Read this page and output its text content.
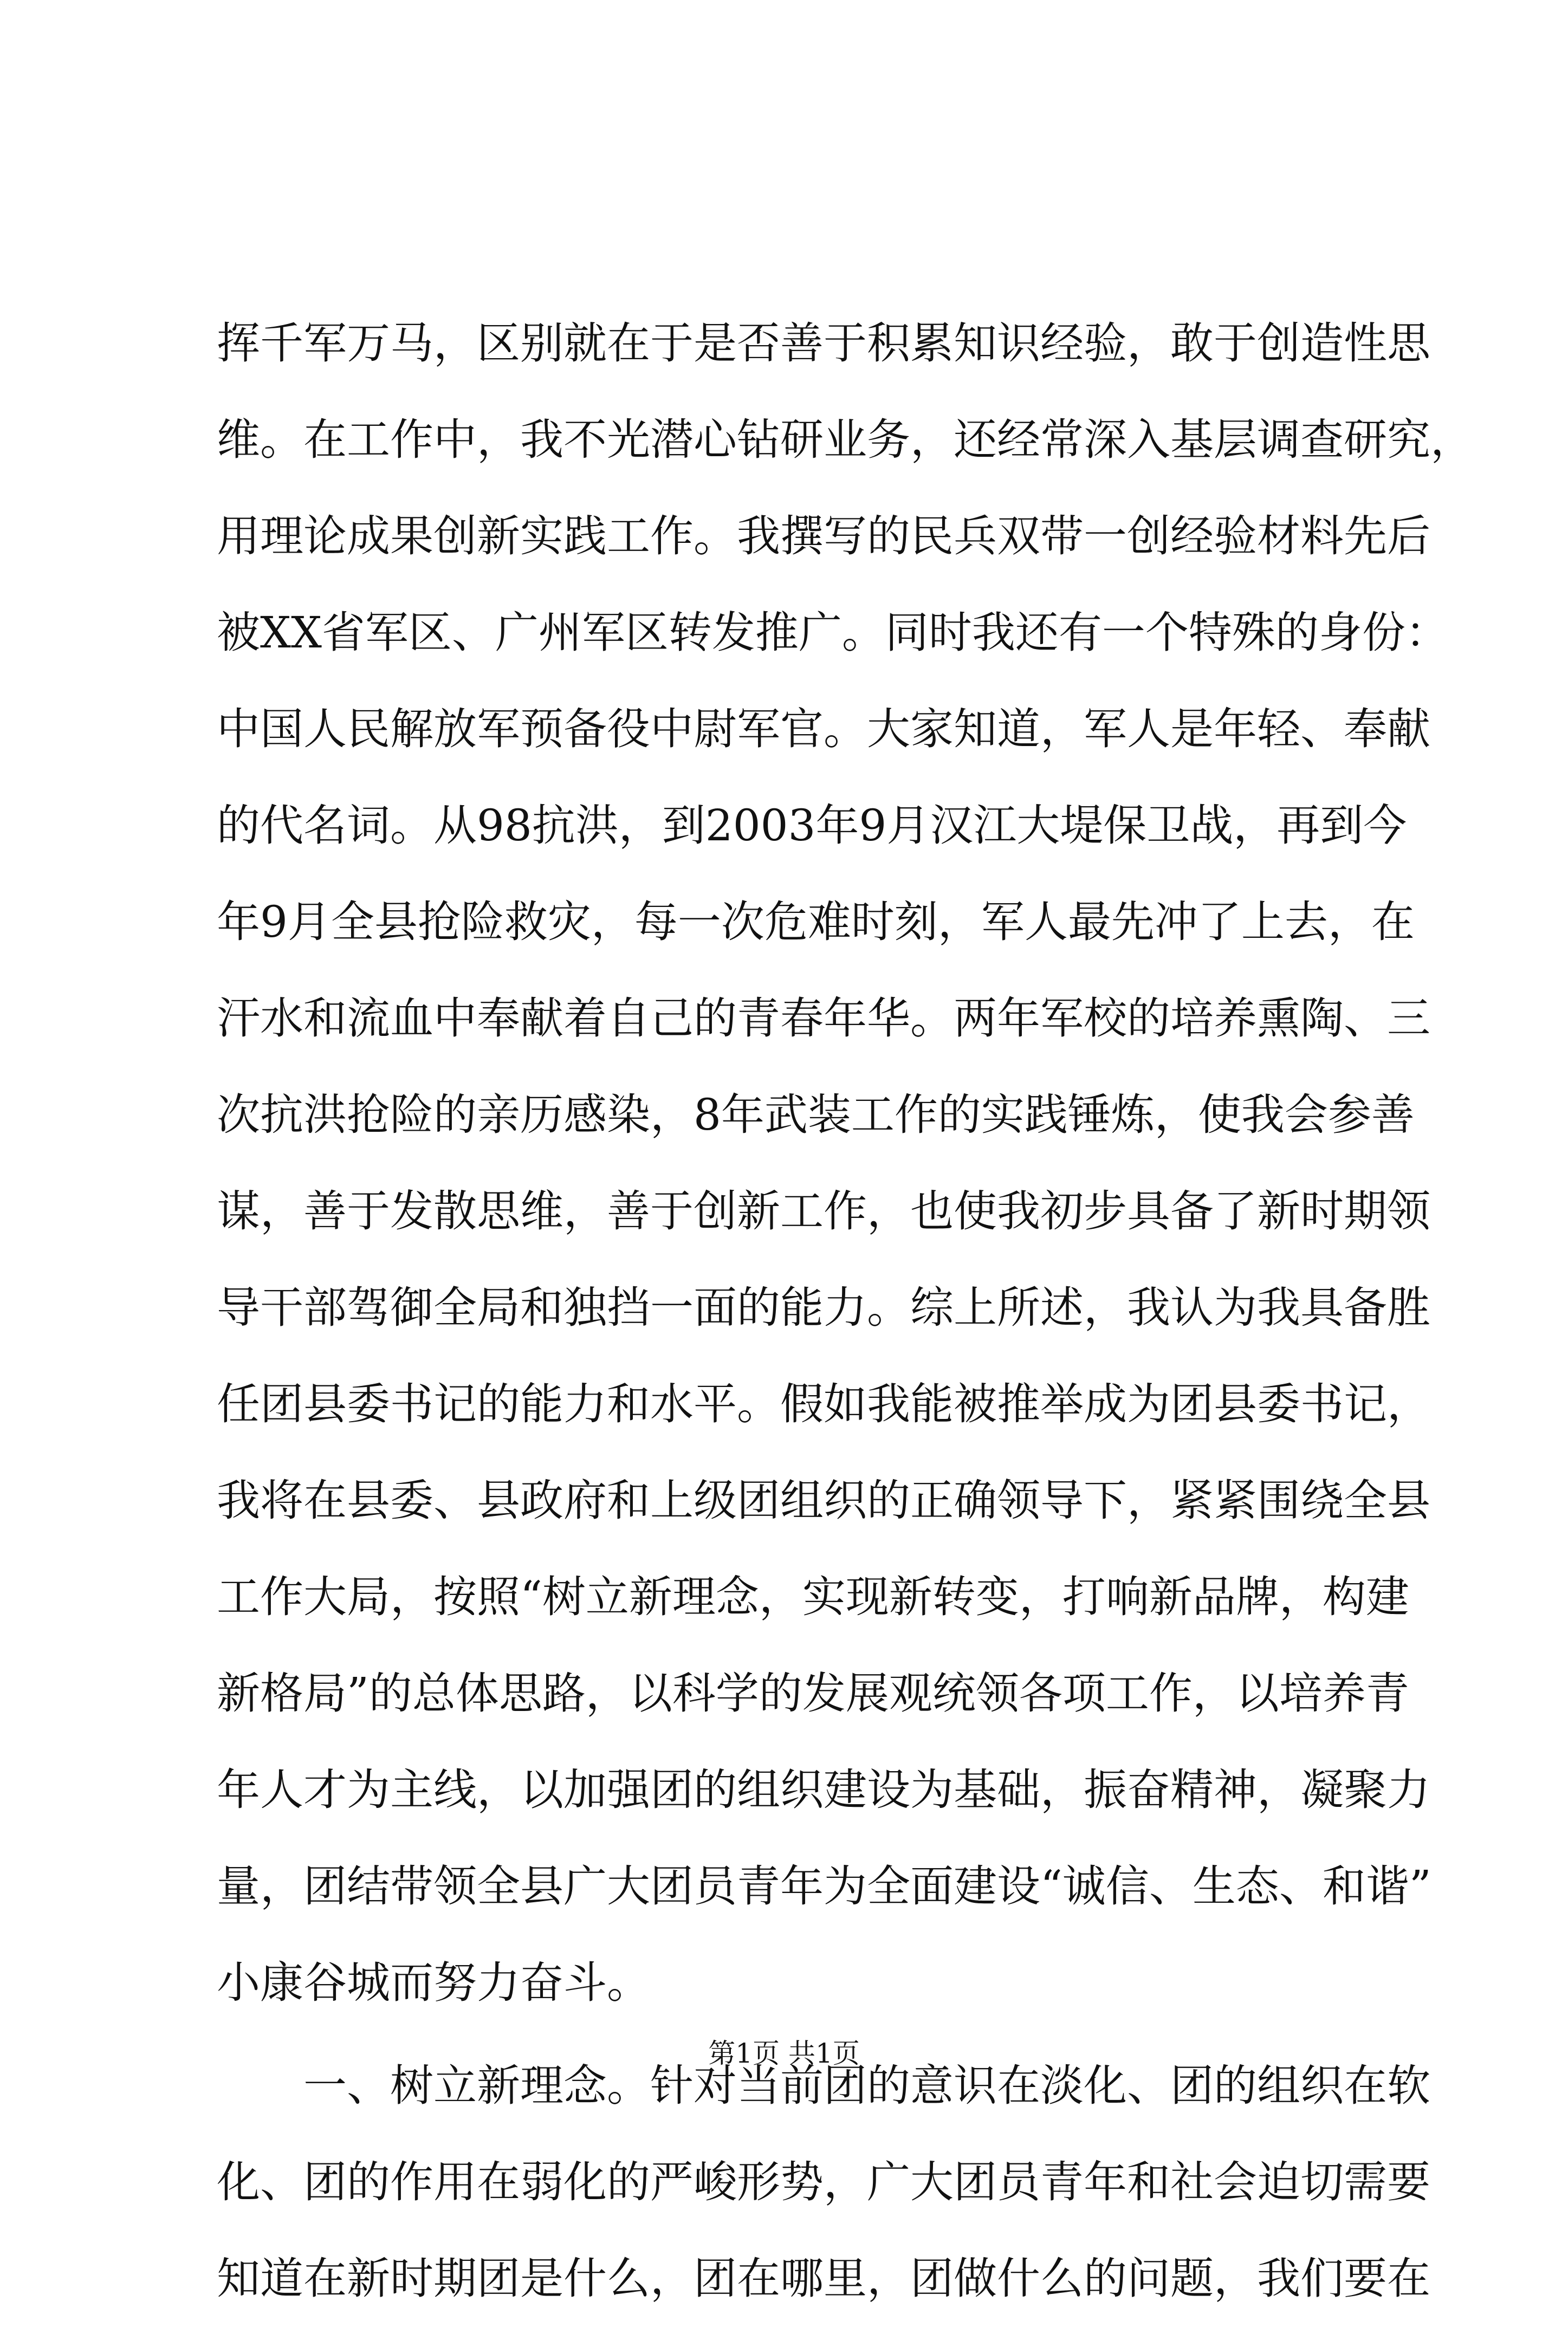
挥千军万马，区别就在于是否善于积累知识经验，敢于创造性思
维。在工作中，我不光潜心钻研业务，还经常深入基层调查研究，
用理论成果创新实践工作。我撰写的民兵双带一创经验材料先后
被XX省军区、广州军区转发推广。同时我还有一个特殊的身份：
中国人民解放军预备役中尉军官。大家知道，军人是年轻、奉献
的代名词。从98抗洪，到2003年9月汉江大堤保卫战，再到今
年9月全县抢险救灾，每一次危难时刻，军人最先冲了上去，在
汗水和流血中奉献着自己的青春年华。两年军校的培养熏陶、三
次抗洪抢险的亲历感染，8年武装工作的实践锤炼，使我会参善
谋，善于发散思维，善于创新工作，也使我初步具备了新时期领
导干部驾御全局和独挡一面的能力。综上所述，我认为我具备胜
任团县委书记的能力和水平。假如我能被推举成为团县委书记，
我将在县委、县政府和上级团组织的正确领导下，紧紧围绕全县
工作大局，按照“树立新理念，实现新转变，打响新品牌，构建
新格局”的总体思路，以科学的发展观统领各项工作，以培养青
年人才为主线，以加强团的组织建设为基础，振奋精神，凝聚力
量，团结带领全县广大团员青年为全面建设“诚信、生态、和谐”
小康谷城而努力奋斗。
一、树立新理念。针对当前团的意识在淡化、团的组织在软
化、团的作用在弱化的严峻形势，广大团员青年和社会迫切需要
知道在新时期团是什么，团在哪里，团做什么的问题，我们要在
第1页 共1页
